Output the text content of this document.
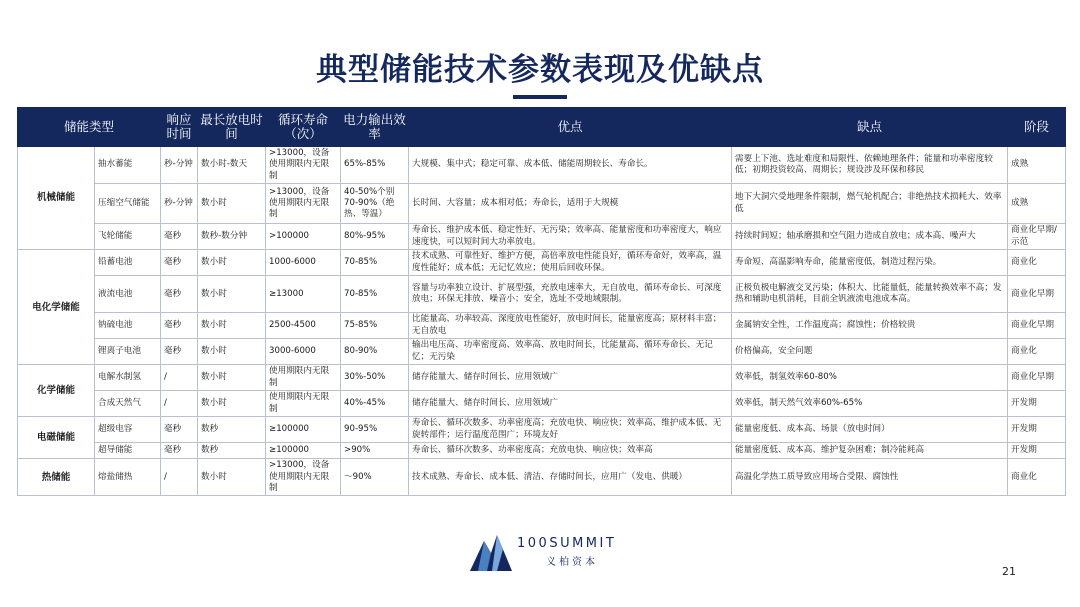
典型储能技术参数表现及优缺点
储能类型		响应时间	最长放电时间	循环寿命（次）	电力输出效率	优点	缺点	阶段
机械储能	抽水蓄能	秒-分钟	数小时-数天	>13000，设备使用期限内无限制	65%-85%	大规模、集中式；稳定可靠、成本低、储能周期较长、寿命长。	需要上下池、选址难度和局限性、依赖地理条件；能量和功率密度较低；初期投资较高、周期长；规设涉及环保和移民	成熟
	压缩空气储能	秒-分钟	数小时	>13000，设备使用期限内无限制	40-50%个别70-90%（绝热、等温）	长时间、大容量；成本相对低；寿命长，适用于大规模	地下大洞穴受地理条件限制，燃气轮机配合；非绝热技术损耗大、效率低	成熟
	飞轮储能	毫秒	数秒-数分钟	>100000	80%-95%	寿命长、维护成本低、稳定性好、无污染；效率高、能量密度和功率密度大，响应速度快，可以短时间大功率放电。	持续时间短；轴承磨损和空气阻力造成自放电；成本高、噪声大	商业化早期/示范
电化学储能	铅蓄电池	毫秒	数小时	1000-6000	70-85%	技术成熟、可靠性好、维护方便，高倍率放电性能良好，循环寿命好，效率高，温度性能好；成本低；无记忆效应；使用后回收环保。	寿命短、高温影响寿命，能量密度低，制造过程污染。	商业化
	液流电池	毫秒	数小时	≥13000	70-85%	容量与功率独立设计、扩展型强，充放电速率大，无自放电，循环寿命长、可深度放电；环保无排放、噪音小；安全，选址不受地域限制。	正极负极电解液交叉污染；体积大、比能量低，能量转换效率不高；发热和辅助电机消耗，目前全钒液流电池成本高。	商业化早期
	钠硫电池	毫秒	数小时	2500-4500	75-85%	比能量高、功率较高、深度放电性能好，放电时间长，能量密度高；原材料丰富；无自放电	金属钠安全性，工作温度高；腐蚀性；价格较贵	商业化早期
	锂离子电池	毫秒	数小时	3000-6000	80-90%	输出电压高、功率密度高、效率高、放电时间长，比能量高、循环寿命长、无记忆；无污染	价格偏高，安全问题	商业化
化学储能	电解水制氢	/	数小时	使用期限内无限制	30%-50%	储存能量大、储存时间长、应用领域广	效率低，制氢效率60-80%	商业化早期
	合成天然气	/	数小时	使用期限内无限制	40%-45%	储存能量大、储存时间长、应用领域广	效率低，制天然气效率60%-65%	开发期
电磁储能	超级电容	毫秒	数秒	≥100000	90-95%	寿命长、循环次数多、功率密度高；充放电快、响应快；效率高、维护成本低、无旋转部件；运行温度范围广；环境友好	能量密度低、成本高、场景（放电时间）	开发期
	超导储能	毫秒	数秒	≥100000	>90%	寿命长、循环次数多、功率密度高；充放电快、响应快；效率高	能量密度低、成本高、维护复杂困难；制冷能耗高	开发期
热储能	熔盐储热	/	数小时	>13000，设备使用期限内无限制	～90%	技术成熟、寿命长、成本低、清洁、存储时间长，应用广（发电、供暖）	高温化学热工质导致应用场合受限、腐蚀性	商业化
100SUMMIT
义柏资本
21
